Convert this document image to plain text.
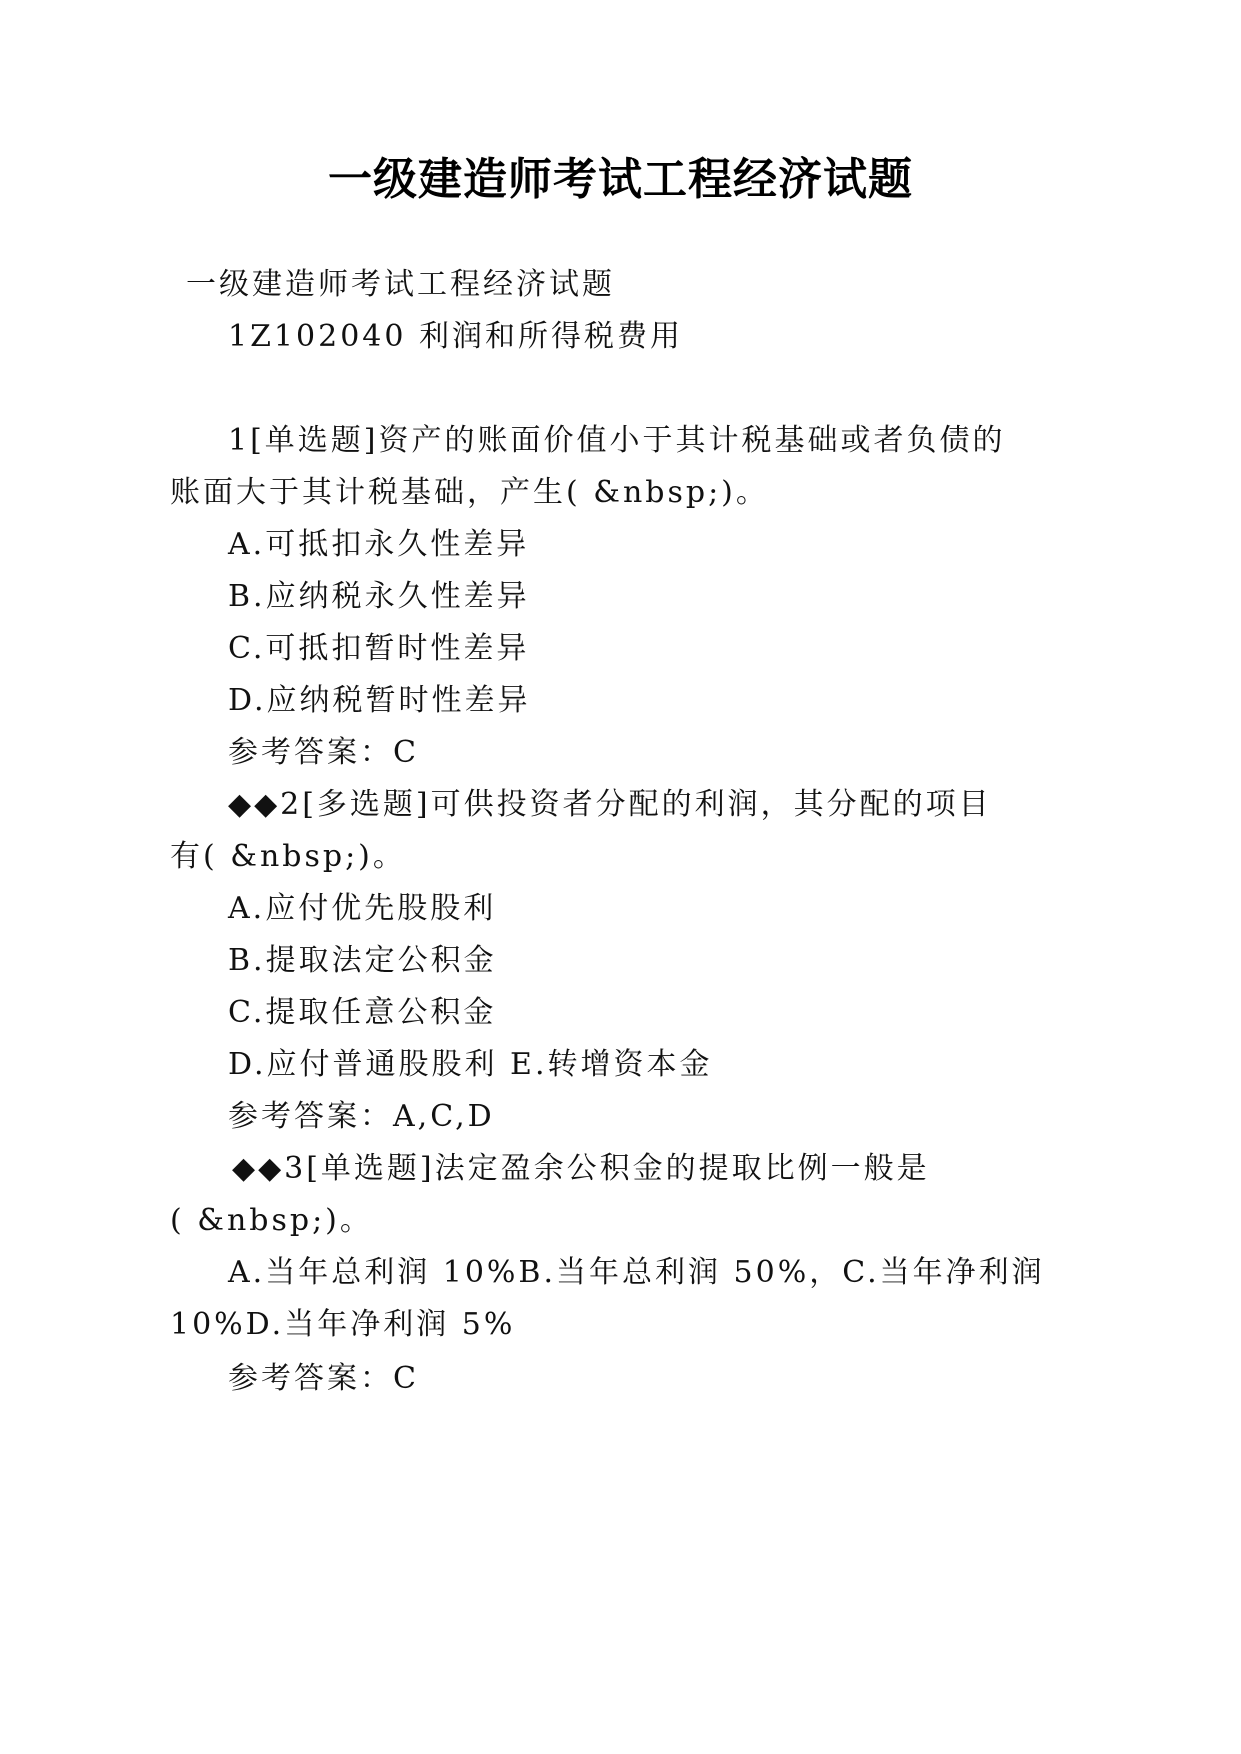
一级建造师考试工程经济试题
一级建造师考试工程经济试题
1Z102040 利润和所得税费用
1[单选题]资产的账面价值小于其计税基础或者负债的
账面大于其计税基础，产生( &nbsp;)。
A.可抵扣永久性差异
B.应纳税永久性差异
C.可抵扣暂时性差异
D.应纳税暂时性差异
参考答案：C
◆◆2[多选题]可供投资者分配的利润，其分配的项目
有( &nbsp;)。
A.应付优先股股利
B.提取法定公积金
C.提取任意公积金
D.应付普通股股利 E.转增资本金
参考答案：A,C,D
◆◆3[单选题]法定盈余公积金的提取比例一般是
( &nbsp;)。
A.当年总利润 10%B.当年总利润 50%，C.当年净利润
10%D.当年净利润 5%
参考答案：C
